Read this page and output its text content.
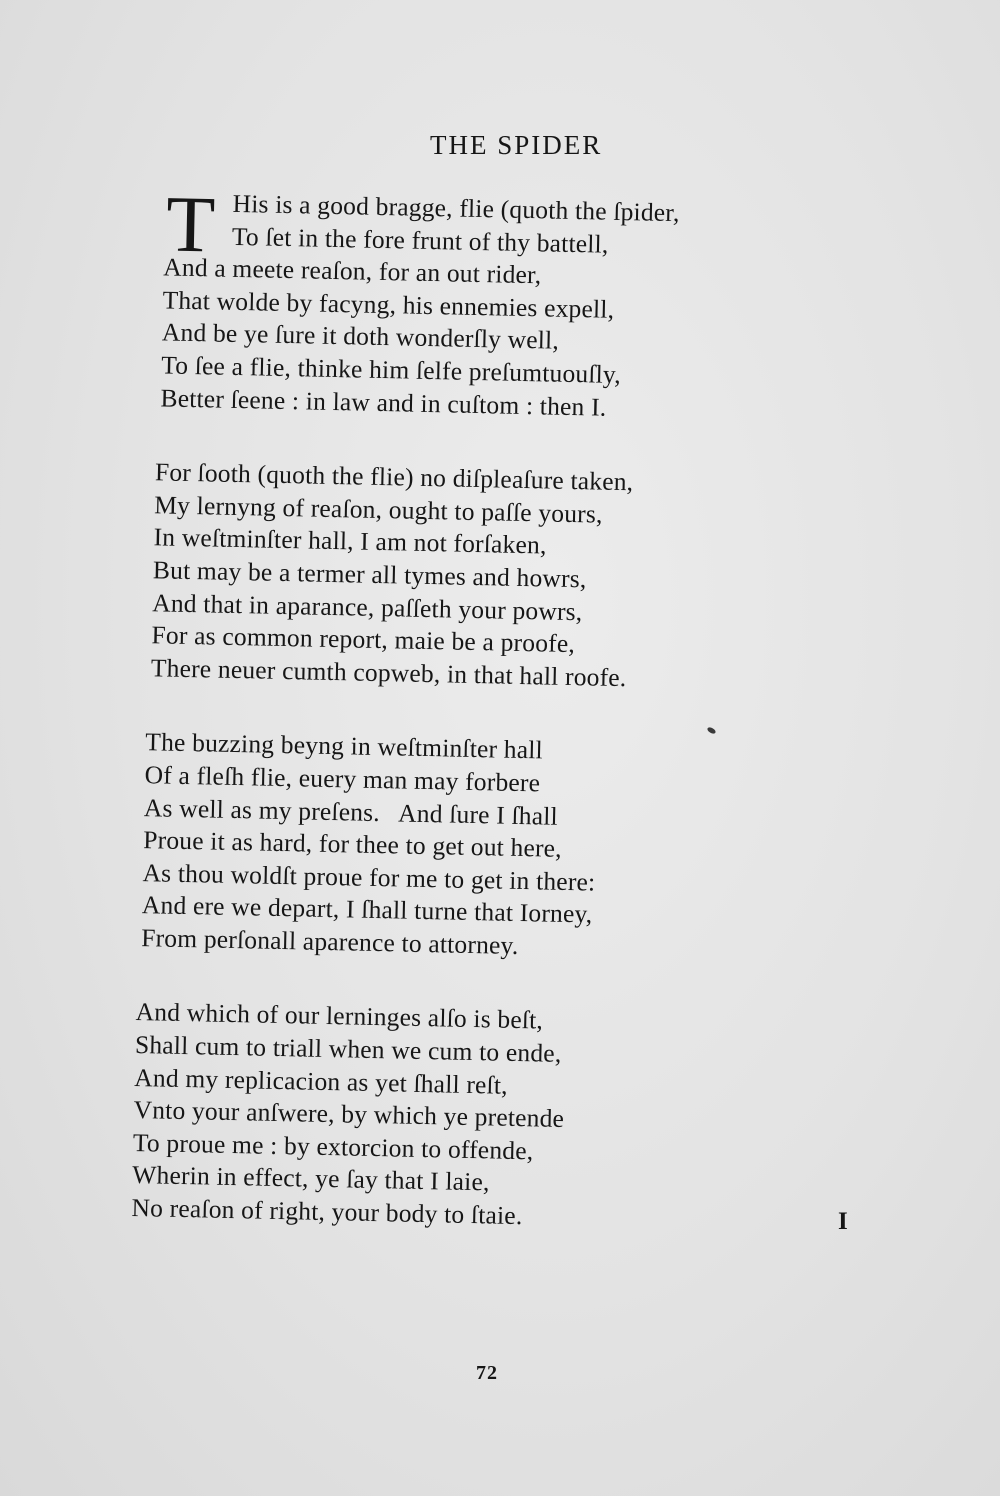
THE SPIDER
T His is a good bragge, flie (quoth the ſpider,
To ſet in the fore frunt of thy battell,
And a meete reaſon, for an out rider,
That wolde by facyng, his ennemies expell,
And be ye ſure it doth wonderſly well,
To ſee a flie, thinke him ſelfe preſumtuouſly,
Better ſeene : in law and in cuſtom : then I.
For ſooth (quoth the flie) no diſpleaſure taken,
My lernyng of reaſon, ought to paſſe yours,
In weſtminſter hall, I am not forſaken,
But may be a termer all tymes and howrs,
And that in aparance, paſſeth your powrs,
For as common report, maie be a proofe,
There neuer cumth copweb, in that hall roofe.
The buzzing beyng in weſtminſter hall
Of a fleſh flie, euery man may forbere
As well as my preſens.   And ſure I ſhall
Proue it as hard, for thee to get out here,
As thou woldſt proue for me to get in there:
And ere we depart, I ſhall turne that Iorney,
From perſonall aparence to attorney.
And which of our lerninges alſo is beſt,
Shall cum to triall when we cum to ende,
And my replicacion as yet ſhall reſt,
Vnto your anſwere, by which ye pretende
To proue me : by extorcion to offende,
Wherin in effect, ye ſay that I laie,
No reaſon of right, your body to ſtaie.	I
72
